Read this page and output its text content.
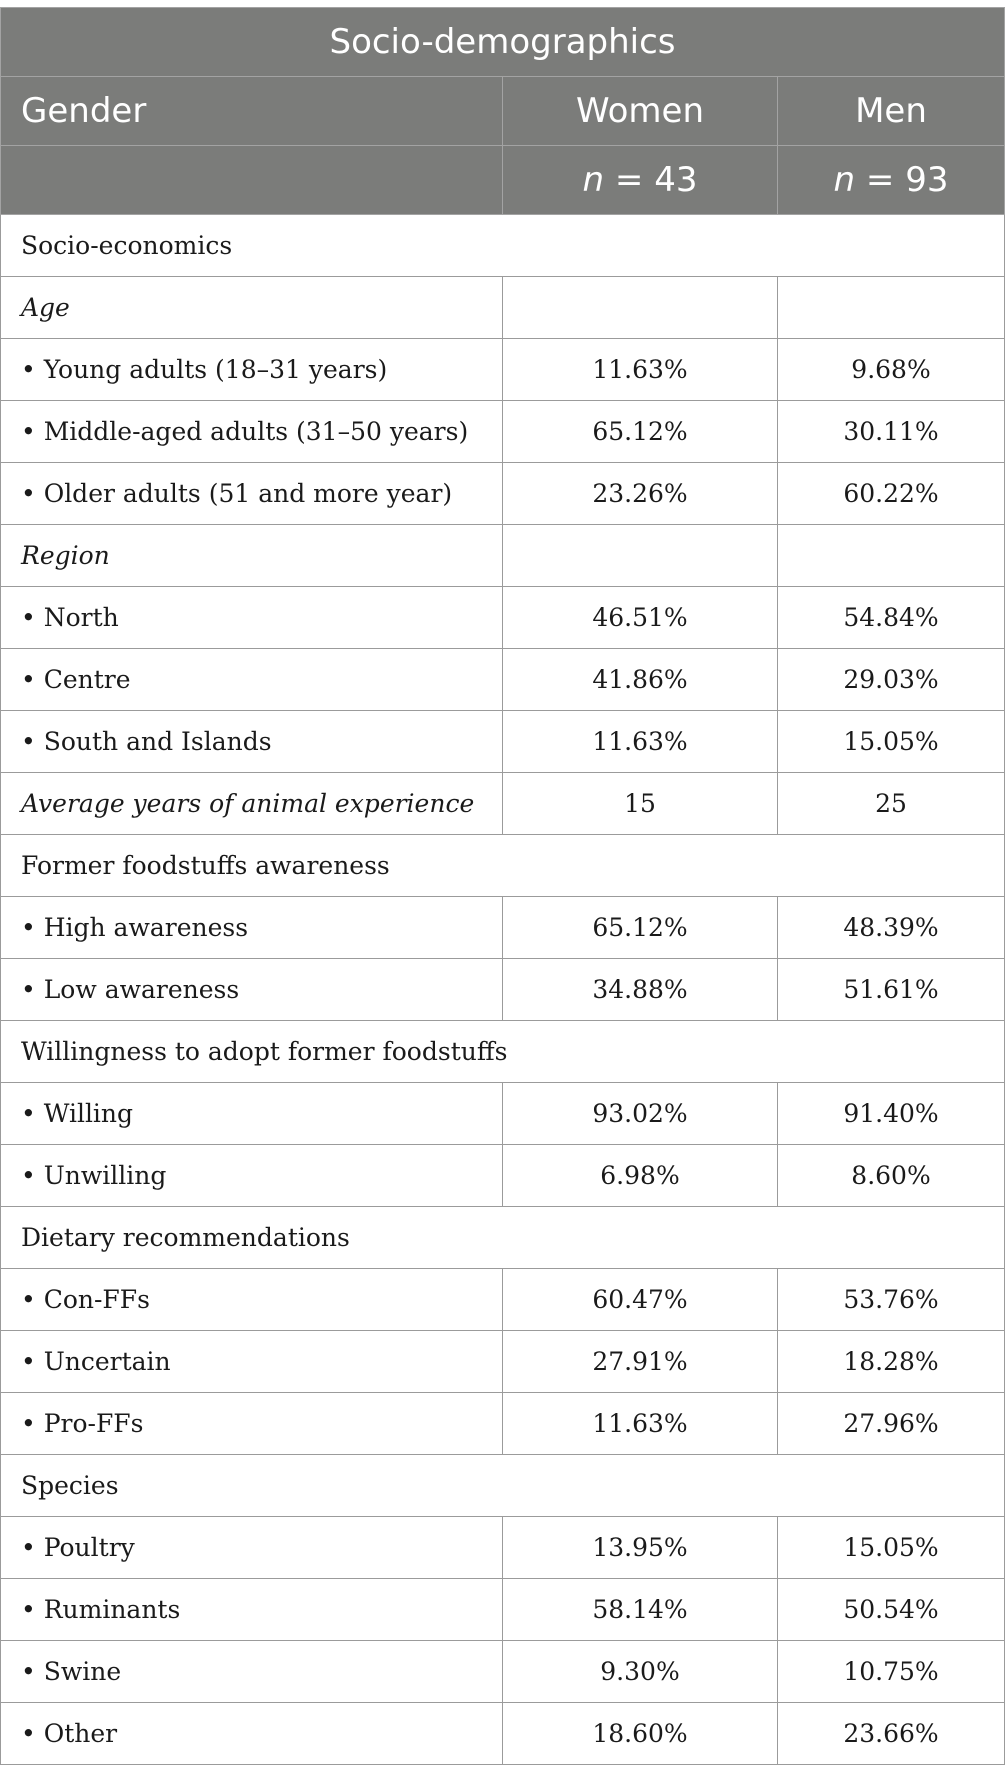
Socio-demographics		
Gender	Women	Men
	n = 43	n = 93
Socio-economics		
Age		
• Young adults (18–31 years)	11.63%	9.68%
• Middle-aged adults (31–50 years)	65.12%	30.11%
• Older adults (51 and more year)	23.26%	60.22%
Region		
• North	46.51%	54.84%
• Centre	41.86%	29.03%
• South and Islands	11.63%	15.05%
Average years of animal experience	15	25
Former foodstuffs awareness		
• High awareness	65.12%	48.39%
• Low awareness	34.88%	51.61%
Willingness to adopt former foodstuffs		
• Willing	93.02%	91.40%
• Unwilling	6.98%	8.60%
Dietary recommendations		
• Con-FFs	60.47%	53.76%
• Uncertain	27.91%	18.28%
• Pro-FFs	11.63%	27.96%
Species		
• Poultry	13.95%	15.05%
• Ruminants	58.14%	50.54%
• Swine	9.30%	10.75%
• Other	18.60%	23.66%
